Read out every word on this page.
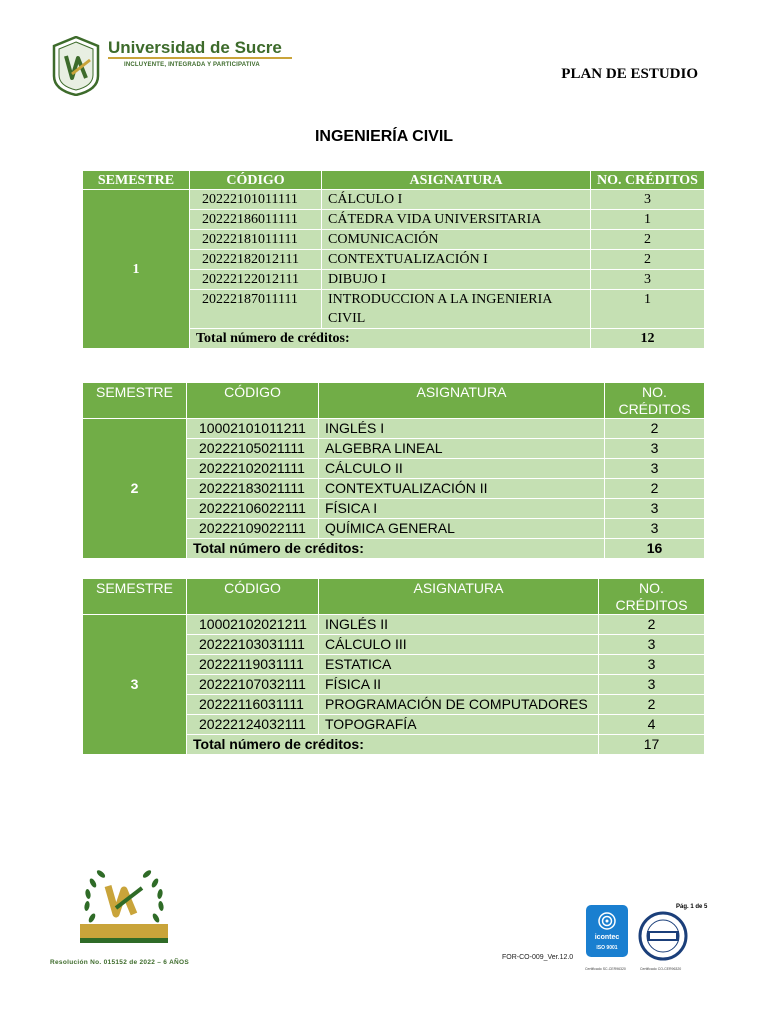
Universidad de Sucre
INCLUYENTE, INTEGRADA Y PARTICIPATIVA
PLAN DE ESTUDIO
INGENIERÍA CIVIL
SEMESTRE	CÓDIGO	ASIGNATURA	NO. CRÉDITOS
1	20222101011111	CÁLCULO I	3
	20222186011111	CÁTEDRA VIDA UNIVERSITARIA	1
	20222181011111	COMUNICACIÓN	2
	20222182012111	CONTEXTUALIZACIÓN I	2
	20222122012111	DIBUJO I	3
	20222187011111	INTRODUCCION A LA INGENIERIA CIVIL	1
	Total número de créditos:		12
SEMESTRE	CÓDIGO	ASIGNATURA	NO. CRÉDITOS
2	10002101011211	INGLÉS I	2
	20222105021111	ALGEBRA LINEAL	3
	20222102021111	CÁLCULO II	3
	20222183021111	CONTEXTUALIZACIÓN II	2
	20222106022111	FÍSICA I	3
	20222109022111	QUÍMICA GENERAL	3
	Total número de créditos:		16
SEMESTRE	CÓDIGO	ASIGNATURA	NO. CRÉDITOS
3	10002102021211	INGLÉS II	2
	20222103031111	CÁLCULO III	3
	20222119031111	ESTATICA	3
	20222107032111	FÍSICA II	3
	20222116031111	PROGRAMACIÓN DE COMPUTADORES	2
	20222124032111	TOPOGRAFÍA	4
	Total número de créditos:		17
Resolución No. 015152 de 2022 – 6 AÑOS
FOR-CO-009_Ver.12.0
Pág. 1 de 5
icontec
ISO 9001
Certificado SC-CER96320	Certificado CO-CER96320
